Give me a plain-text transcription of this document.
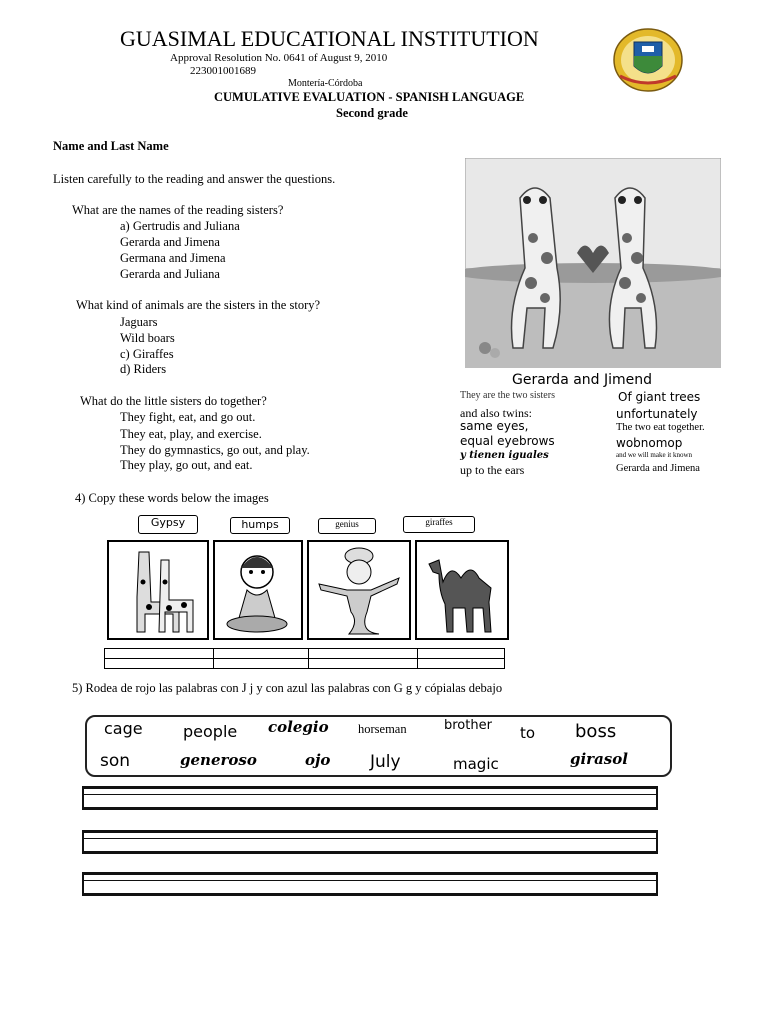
GUASIMAL EDUCATIONAL INSTITUTION
Approval Resolution No. 0641 of August 9, 2010
223001001689
Montería-Córdoba
CUMULATIVE EVALUATION - SPANISH LANGUAGE
Second grade
Name and Last Name
Listen carefully to the reading and answer the questions.
What are the names of the reading sisters?
a) Gertrudis and Juliana
Gerarda and Jimena
Germana and Jimena
Gerarda and Juliana
What kind of animals are the sisters in the story?
Jaguars
Wild boars
c) Giraffes
d) Riders
What do the little sisters do together?
They fight, eat, and go out.
They eat, play, and exercise.
They do gymnastics, go out, and play.
They play, go out, and eat.
Gerarda and Jimend
They are the two sisters
and also twins:
same eyes,
equal eyebrows
y tienen iguales
up to the ears
Of giant trees
unfortunately
The two eat together.
wobnomop
and we will make it known
Gerarda and Jimena
4) Copy these words below the images
Gypsy	humps	genius	giraffes

5) Rodea de rojo las palabras con J j y con azul las palabras con G g y cópialas debajo
cage	people colegio horseman	brother to boss
son	generoso	ojo July	magic	girasol
